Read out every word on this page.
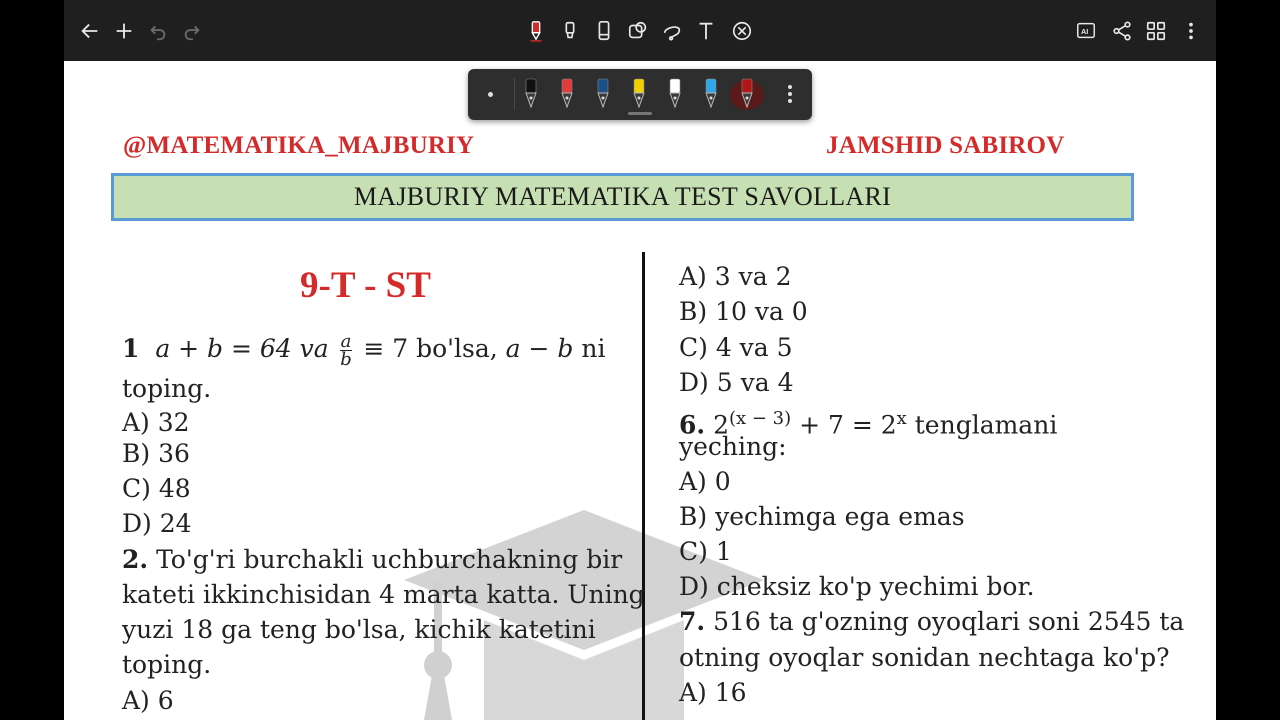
AI
@MATEMATIKA_MAJBURIY	JAMSHID SABIROV
MAJBURIY MATEMATIKA TEST SAVOLLARI
9-T - ST
1 a + b = 64 va $\frac{a}{b} \equiv 7$ bo'lsa, a − b ni
toping.
A) 32
B) 36
C) 48
D) 24
2. To'g'ri burchakli uchburchakning bir
kateti ikkinchisidan 4 marta katta. Uning
yuzi 18 ga teng bo'lsa, kichik katetini
toping.
A) 6
A) 3 va 2
B) 10 va 0
C) 4 va 5
D) 5 va 4
6. $2^{(x - 3)} + 7 = 2^x$ tenglamani
yeching:
A) 0
B) yechimga ega emas
C) 1
D) cheksiz ko'p yechimi bor.
7. 516 ta g'ozning oyoqlari soni 2545 ta
otning oyoqlar sonidan nechtaga ko'p?
A) 16
